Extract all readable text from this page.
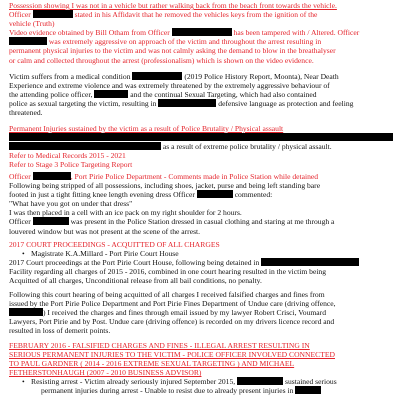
Possession showing I was not in a vehicle but rather walking back from the beach front towards the vehicle.
Officer	stated in his Affidavit that he removed the vehicles keys from the ignition of the
vehicle (Truth)
Video evidence obtained by Bill Otham from Officer	has been tampered with / Altered. Officer
was extremely aggressive on approach of the victim and throughout the arrest resulting in
permanent physical injuries to the victim and was not calmly asking the demand to blow in the breathalyser
or calm and collected throughout the arrest (professionalism) which is shown on the video evidence.
Victim suffers from a medical condition	(2019 Police History Report, Moonta), Near Death
Experience and extreme violence and was extremely threatened by the extremely aggressive behaviour of
the attending police officer,	and the continual Sexual Targeting, which had also contained
police as sexual targeting the victim, resulting in	defensive language as protection and feeling
threatened.
Permanent Injuries sustained by the victim as a result of Police Brutality / Physical assault
as a result of extreme police brutality / physical assault.
Refer to Medical Records 2015 - 2021
Refer to Stage 3 Police Targeting Report
Officer	, Port Pirie Police Department - Comments made in Police Station while detained
Following being stripped of all possessions, including shoes, jacket, purse and being left standing bare
footed in just a tight fitting knee length evening dress Officer	commented:
"What have you got on under that dress"
I was then placed in a cell with an ice pack on my right shoulder for 2 hours.
Officer	was present in the Police Station dressed in casual clothing and staring at me through a
louvered window but was not present at the scene of the arrest.
2017 COURT PROCEEDINGS - ACQUITTED OF ALL CHARGES
• Magistrate K.A.Millard - Port Pirie Court House
2017 Court proceedings at the Port Pirie Court House, following being detained in
Facility regarding all charges of 2015 - 2016, combined in one court hearing resulted in the victim being
Acquitted of all charges, Unconditional release from all bail conditions, no penalty.
Following this court hearing of being acquitted of all charges I received falsified charges and fines from
issued by the Port Pirie Police Department and Port Pirie Fines Department of Undue care (driving offence,
) I received the charges and fines through email issued by my lawyer Robert Crisci, Voumard
Lawyers, Port Pirie and by Post. Undue care (driving offence) is recorded on my drivers licence record and
resulted in loss of demerit points.
FEBRUARY 2016 - FALSIFIED CHARGES AND FINES - ILLEGAL ARREST RESULTING IN
SERIOUS PERMANENT INJURIES TO THE VICTIM - POLICE OFFICER INVOLVED CONNECTED
TO PAUL GARDNER ( 2014 - 2016 EXTREME SEXUAL TARGETING ) AND MICHAEL
FETHERSTONHAUGH (2007 - 2010 BUSINESS ADVISOR)
• Resisting arrest - Victim already seriously injured September 2015,	sustained serious
permanent injuries during arrest - Unable to resist due to already present injuries in
